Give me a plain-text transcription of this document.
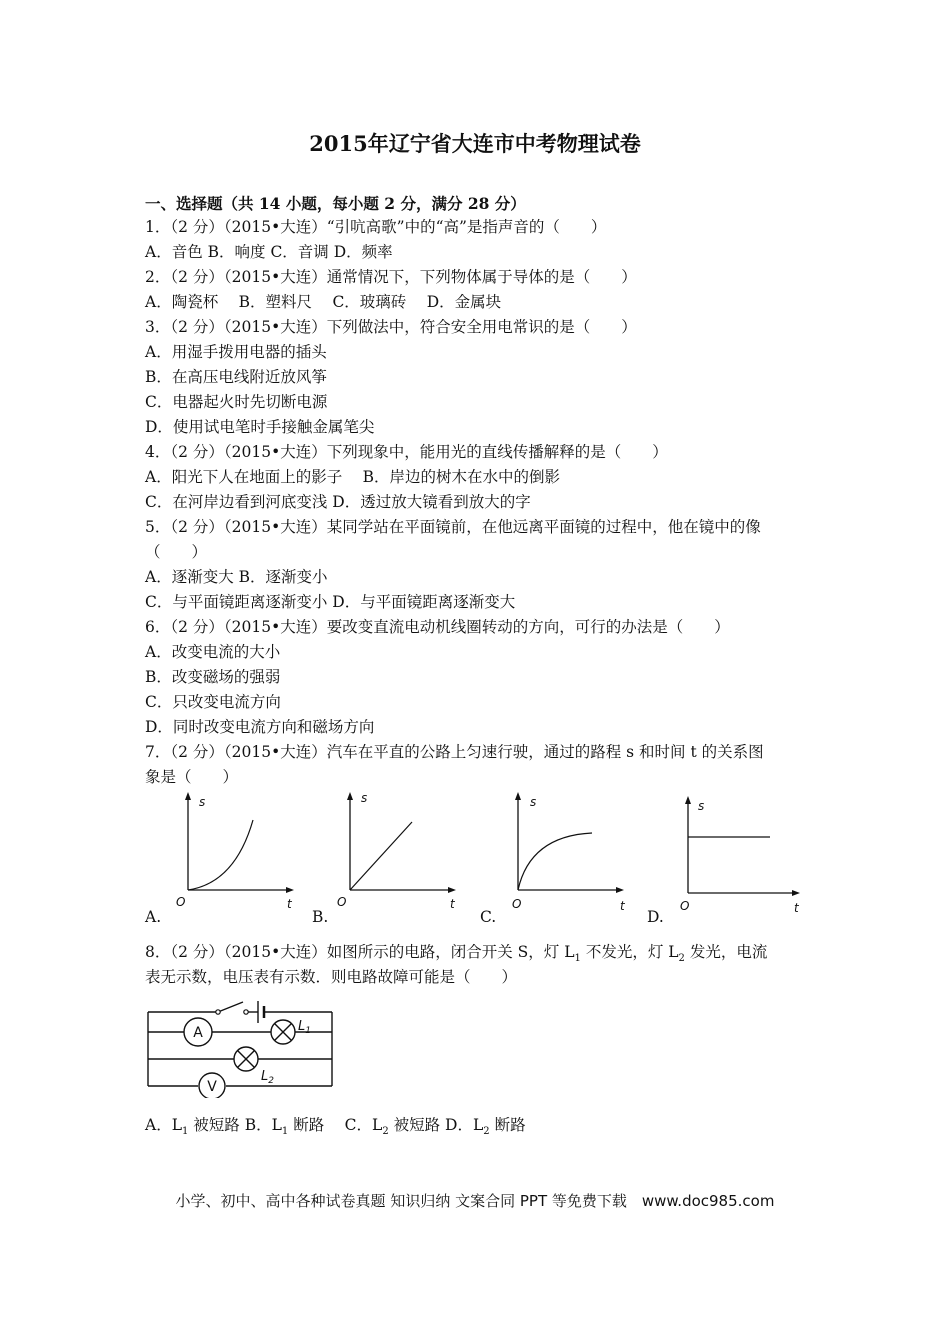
2015年辽宁省大连市中考物理试卷
一、选择题（共 14 小题，每小题 2 分，满分 28 分）
1．（2 分）（2015•大连）“引吭高歌”中的“高”是指声音的（　　）
A．音色 B．响度 C．音调 D．频率
2．（2 分）（2015•大连）通常情况下，下列物体属于导体的是（　　）
A．陶瓷杯　 B．塑料尺　 C．玻璃砖　 D．金属块
3．（2 分）（2015•大连）下列做法中，符合安全用电常识的是（　　）
A．用湿手拨用电器的插头
B．在高压电线附近放风筝
C．电器起火时先切断电源
D．使用试电笔时手接触金属笔尖
4．（2 分）（2015•大连）下列现象中，能用光的直线传播解释的是（　　）
A．阳光下人在地面上的影子　 B．岸边的树木在水中的倒影
C．在河岸边看到河底变浅 D．透过放大镜看到放大的字
5．（2 分）（2015•大连）某同学站在平面镜前，在他远离平面镜的过程中，他在镜中的像
（　　）
A．逐渐变大 B．逐渐变小
C．与平面镜距离逐渐变小 D．与平面镜距离逐渐变大
6．（2 分）（2015•大连）要改变直流电动机线圈转动的方向，可行的办法是（　　）
A．改变电流的大小
B．改变磁场的强弱
C．只改变电流方向
D．同时改变电流方向和磁场方向
7．（2 分）（2015•大连）汽车在平直的公路上匀速行驶，通过的路程 s 和时间 t 的关系图
象是（　　）
A.	B.	C.	D.
s
O	t
s
O	t
s
O	t
s
O	t
8．（2 分）（2015•大连）如图所示的电路，闭合开关 S，灯 $L_1$ 不发光，灯 $L_2$ 发光，电流
表无示数，电压表有示数．则电路故障可能是（　　）
A
V
$L_1$
$L_2$
A．$L_1$ 被短路 B．$L_1$ 断路　 C．$L_2$ 被短路 D．$L_2$ 断路
小学、初中、高中各种试卷真题 知识归纳 文案合同 PPT 等免费下载　www.doc985.com
